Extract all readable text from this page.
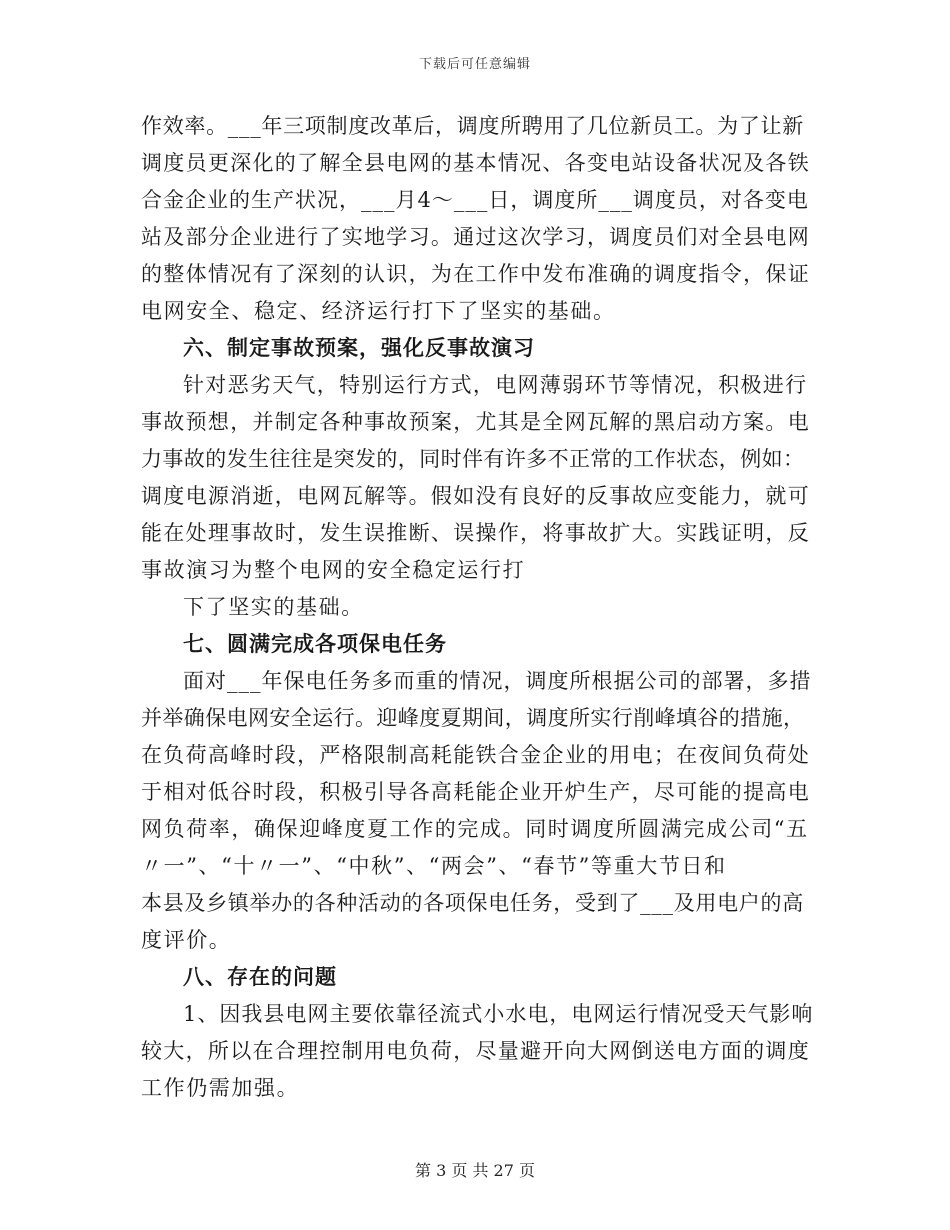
下载后可任意编辑
作效率。___年三项制度改革后，调度所聘用了几位新员工。为了让新
调度员更深化的了解全县电网的基本情况、各变电站设备状况及各铁
合金企业的生产状况，___月4～___日，调度所___调度员，对各变电
站及部分企业进行了实地学习。通过这次学习，调度员们对全县电网
的整体情况有了深刻的认识，为在工作中发布准确的调度指令，保证
电网安全、稳定、经济运行打下了坚实的基础。
六、制定事故预案，强化反事故演习
针对恶劣天气，特别运行方式，电网薄弱环节等情况，积极进行
事故预想，并制定各种事故预案，尤其是全网瓦解的黑启动方案。电
力事故的发生往往是突发的，同时伴有许多不正常的工作状态，例如：
调度电源消逝，电网瓦解等。假如没有良好的反事故应变能力，就可
能在处理事故时，发生误推断、误操作，将事故扩大。实践证明，反
事故演习为整个电网的安全稳定运行打
下了坚实的基础。
七、圆满完成各项保电任务
面对___年保电任务多而重的情况，调度所根据公司的部署，多措
并举确保电网安全运行。迎峰度夏期间，调度所实行削峰填谷的措施，
在负荷高峰时段，严格限制高耗能铁合金企业的用电；在夜间负荷处
于相对低谷时段，积极引导各高耗能企业开炉生产，尽可能的提高电
网负荷率，确保迎峰度夏工作的完成。同时调度所圆满完成公司“五
〃一”、“十〃一”、“中秋”、“两会”、“春节”等重大节日和
本县及乡镇举办的各种活动的各项保电任务，受到了___及用电户的高
度评价。
八、存在的问题
1、因我县电网主要依靠径流式小水电，电网运行情况受天气影响
较大，所以在合理控制用电负荷，尽量避开向大网倒送电方面的调度
工作仍需加强。
第 3 页 共 27 页
